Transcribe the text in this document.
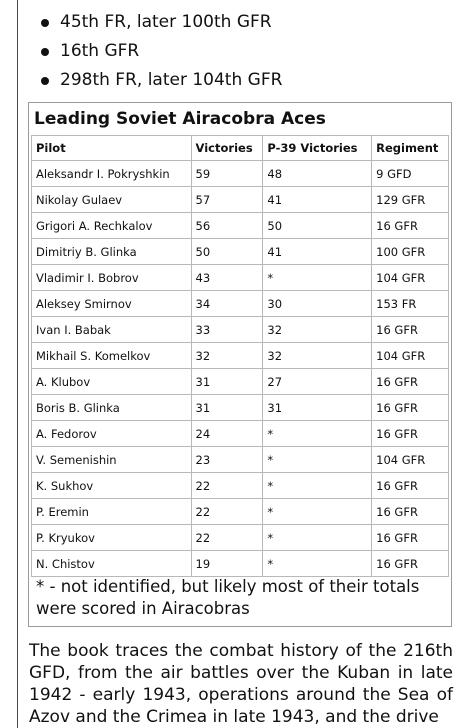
45th FR, later 100th GFR
16th GFR
298th FR, later 104th GFR
Leading Soviet Airacobra Aces
Pilot	Victories	P-39 Victories	Regiment
Aleksandr I. Pokryshkin	59	48	9 GFD
Nikolay Gulaev	57	41	129 GFR
Grigori A. Rechkalov	56	50	16 GFR
Dimitriy B. Glinka	50	41	100 GFR
Vladimir I. Bobrov	43	*	104 GFR
Aleksey Smirnov	34	30	153 FR
Ivan I. Babak	33	32	16 GFR
Mikhail S. Komelkov	32	32	104 GFR
A. Klubov	31	27	16 GFR
Boris B. Glinka	31	31	16 GFR
A. Fedorov	24	*	16 GFR
V. Semenishin	23	*	104 GFR
K. Sukhov	22	*	16 GFR
P. Eremin	22	*	16 GFR
P. Kryukov	22	*	16 GFR
N. Chistov	19	*	16 GFR
* - not identified, but likely most of their totals were scored in Airacobras

The book traces the combat history of the 216th GFD, from the air battles over the Kuban in late 1942 - early 1943, operations around the Sea of Azov and the Crimea in late 1943, and the drive
